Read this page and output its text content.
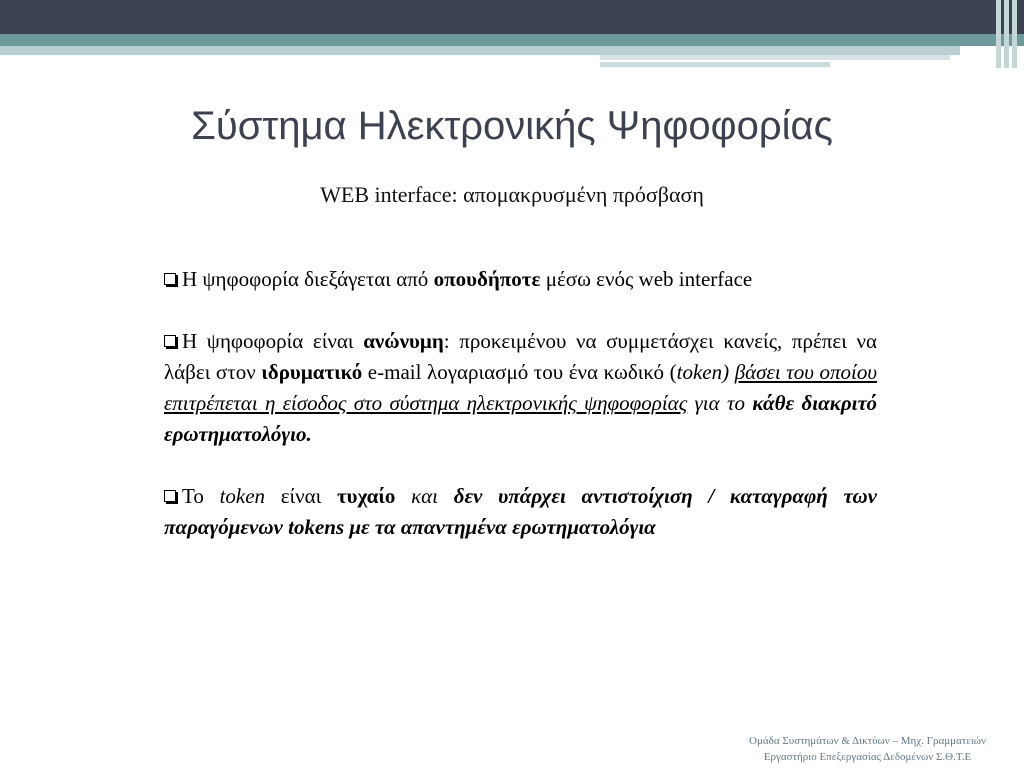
Σύστημα Ηλεκτρονικής Ψηφοφορίας
WEB interface: απομακρυσμένη πρόσβαση

Η ψηφοφορία διεξάγεται από οπουδήποτε μέσω ενός web interface

Η ψηφοφορία είναι ανώνυμη: προκειμένου να συμμετάσχει κανείς, πρέπει να λάβει στον ιδρυματικό e-mail λογαριασμό του ένα κωδικό (token) βάσει του οποίου επιτρέπεται η είσοδος στο σύστημα ηλεκτρονικής ψηφοφορίας για το κάθε διακριτό ερωτηματολόγιο.

Το token είναι τυχαίο και δεν υπάρχει αντιστοίχιση / καταγραφή των παραγόμενων tokens με τα απαντημένα ερωτηματολόγια

Ομάδα Συστημάτων & Δικτύων – Μηχ. Γραμματειών
Εργαστήριο Επεξεργασίας Δεδομένων Σ.Θ.Τ.Ε
